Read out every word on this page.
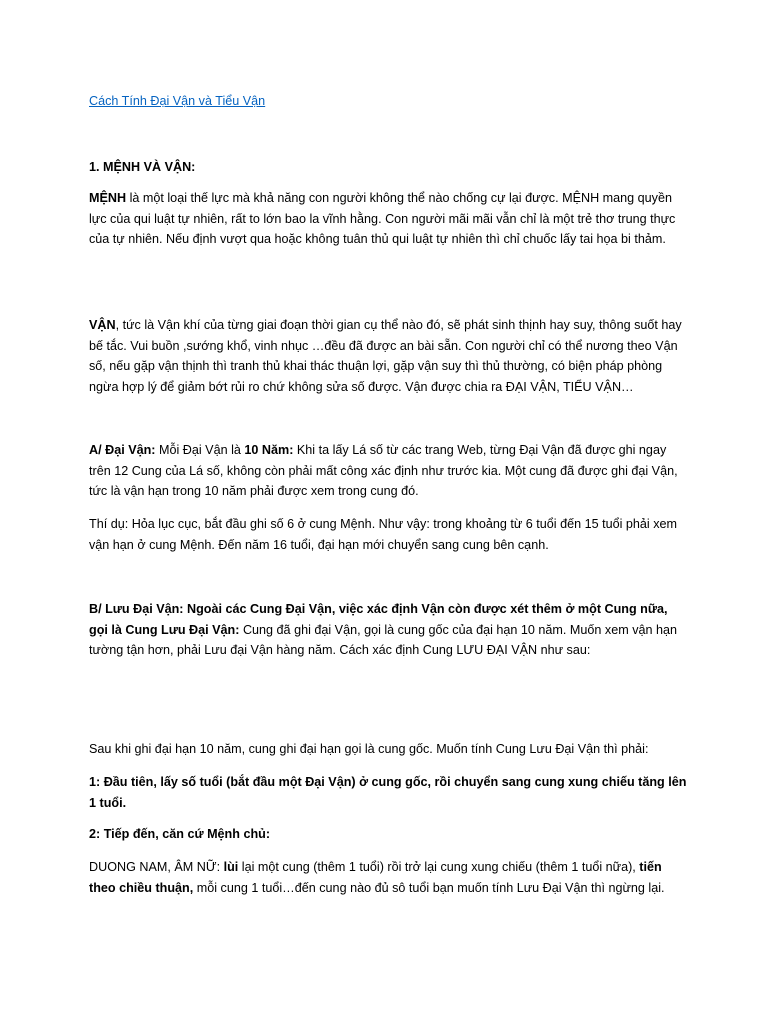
Cách Tính Đại Vận và Tiểu Vận

1. MỆNH VÀ VẬN:

MỆNH là một loại thế lực mà khả năng con người không thể nào chống cự lại được. MỆNH mang quyền lực của qui luật tự nhiên, rất to lớn bao la vĩnh hằng. Con người mãi mãi vẫn chỉ là một trẻ thơ trung thực của tự nhiên. Nếu định vượt qua hoặc không tuân thủ qui luật tự nhiên thì chỉ chuốc lấy tai họa bi thảm.

VẬN, tức là Vận khí của từng giai đoạn thời gian cụ thể nào đó, sẽ phát sinh thịnh hay suy, thông suốt hay bế tắc. Vui buồn ,sướng khổ, vinh nhục …đều đã được an bài sẵn. Con người chỉ có thể nương theo Vận số, nếu gặp vận thịnh thì tranh thủ khai thác thuận lợi, gặp vận suy thì thủ thường, có biện pháp phòng ngừa hợp lý để giảm bớt rủi ro chứ không sửa số được. Vận được chia ra ĐẠI VẬN, TIỂU VẬN…

A/ Đại Vận: Mỗi Đại Vận là 10 Năm: Khi ta lấy Lá số từ các trang Web, từng Đại Vận đã được ghi ngay trên 12 Cung của Lá số, không còn phải mất công xác định như trước kia. Một cung đã được ghi đại Vận, tức là vận hạn trong 10 năm phải được xem trong cung đó.

Thí dụ: Hỏa lục cục, bắt đầu ghi số 6 ở cung Mệnh. Như vậy: trong khoảng từ 6 tuổi đến 15 tuổi phải xem vận hạn ở cung Mệnh. Đến năm 16 tuổi, đại hạn mới chuyển sang cung bên cạnh.

B/ Lưu Đại Vận: Ngoài các Cung Đại Vận, việc xác định Vận còn được xét thêm ở một Cung nữa, gọi là Cung Lưu Đại Vận: Cung đã ghi đại Vận, gọi là cung gốc của đại hạn 10 năm. Muốn xem vận hạn tường tận hơn, phải Lưu đại Vận hàng năm. Cách xác định Cung LƯU ĐẠI VẬN như sau:

Sau khi ghi đại hạn 10 năm, cung ghi đại hạn gọi là cung gốc. Muốn tính Cung Lưu Đại Vận thì phải:

1: Đầu tiên, lấy số tuổi (bắt đầu một Đại Vận) ở cung gốc, rồi chuyển sang cung xung chiếu tăng lên 1 tuổi.

2: Tiếp đến, căn cứ Mệnh chủ:

DUONG NAM, ÂM NỮ: lùi lại một cung (thêm 1 tuổi) rồi trở lại cung xung chiếu (thêm 1 tuổi nữa), tiến theo chiều thuận, mỗi cung 1 tuổi…đến cung nào đủ sô tuổi bạn muốn tính Lưu Đại Vận thì ngừng lại.
